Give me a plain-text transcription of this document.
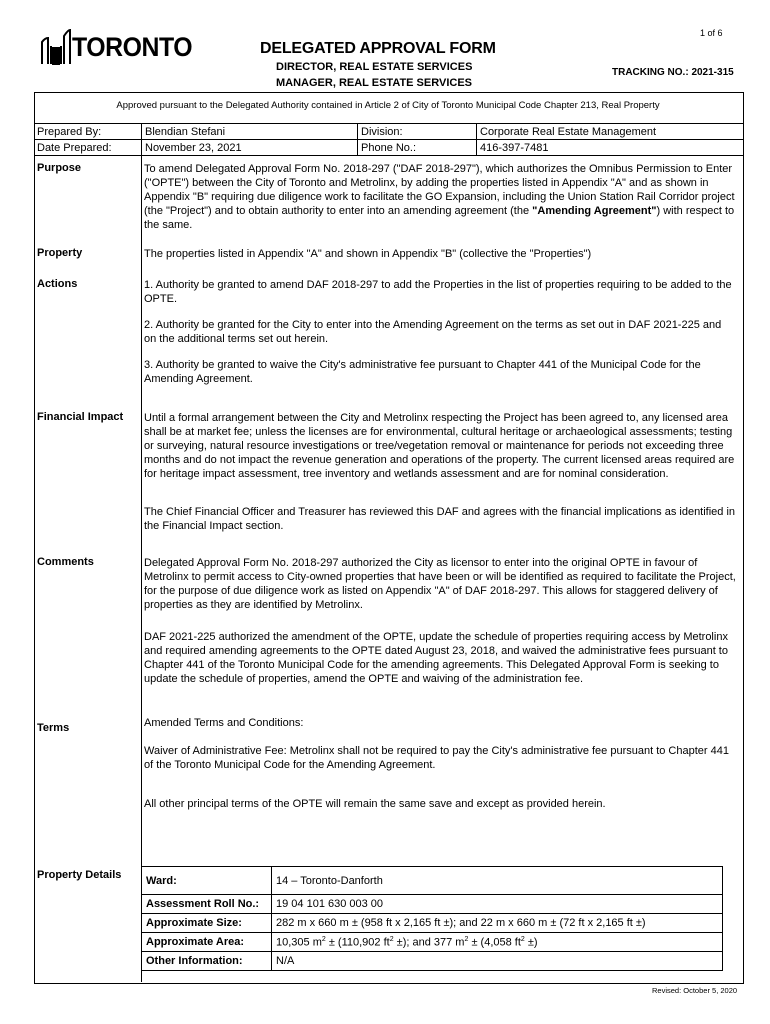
1 of 6
TORONTO	DELEGATED APPROVAL FORM
DIRECTOR, REAL ESTATE SERVICES
MANAGER, REAL ESTATE SERVICES
TRACKING NO.: 2021-315
Approved pursuant to the Delegated Authority contained in Article 2 of City of Toronto Municipal Code Chapter 213, Real Property
Prepared By:	Blendian Stefani	Division:	Corporate Real Estate Management
Date Prepared:	November 23, 2021	Phone No.:	416-397-7481
Purpose	To amend Delegated Approval Form No. 2018-297 ("DAF 2018-297"), which authorizes the Omnibus Permission to Enter ("OPTE") between the City of Toronto and Metrolinx, by adding the properties listed in Appendix "A" and as shown in Appendix "B" requiring due diligence work to facilitate the GO Expansion, including the Union Station Rail Corridor project (the "Project") and to obtain authority to enter into an amending agreement (the "Amending Agreement") with respect to the same.
Property	The properties listed in Appendix "A" and shown in Appendix "B" (collective the "Properties")
Actions	1. Authority be granted to amend DAF 2018-297 to add the Properties in the list of properties requiring to be added to the OPTE.
2. Authority be granted for the City to enter into the Amending Agreement on the terms as set out in DAF 2021-225 and on the additional terms set out herein.
3. Authority be granted to waive the City's administrative fee pursuant to Chapter 441 of the Municipal Code for the Amending Agreement.
Financial Impact Until a formal arrangement between the City and Metrolinx respecting the Project has been agreed to, any licensed area shall be at market fee; unless the licenses are for environmental, cultural heritage or archaeological assessments; testing or surveying, natural resource investigations or tree/vegetation removal or maintenance for periods not exceeding three months and do not impact the revenue generation and operations of the property. The current licensed areas required are for heritage impact assessment, tree inventory and wetlands assessment and are for nominal consideration.
The Chief Financial Officer and Treasurer has reviewed this DAF and agrees with the financial implications as identified in the Financial Impact section.
Comments	Delegated Approval Form No. 2018-297 authorized the City as licensor to enter into the original OPTE in favour of Metrolinx to permit access to City-owned properties that have been or will be identified as required to facilitate the Project, for the purpose of due diligence work as listed on Appendix "A" of DAF 2018-297. This allows for staggered delivery of properties as they are identified by Metrolinx.
DAF 2021-225 authorized the amendment of the OPTE, update the schedule of properties requiring access by Metrolinx and required amending agreements to the OPTE dated August 23, 2018, and waived the administrative fees pursuant to Chapter 441 of the Toronto Municipal Code for the amending agreements. This Delegated Approval Form is seeking to update the schedule of properties, amend the OPTE and waiving of the administration fee.
Terms	Amended Terms and Conditions:
Waiver of Administrative Fee: Metrolinx shall not be required to pay the City's administrative fee pursuant to Chapter 441 of the Toronto Municipal Code for the Amending Agreement.
All other principal terms of the OPTE will remain the same save and except as provided herein.
Property Details Ward:	14 – Toronto-Danforth
Assessment Roll No.:	19 04 101 630 003 00
Approximate Size:	282 m x 660 m ± (958 ft x 2,165 ft ±); and 22 m x 660 m ± (72 ft x 2,165 ft ±)
Approximate Area:	10,305 $m^2 \pm (110,902$ $ft^2$ ±); and 377 $m^2 \pm (4,058$ $ft^2$ ±)
Other Information:	N/A
Revised: October 5, 2020
